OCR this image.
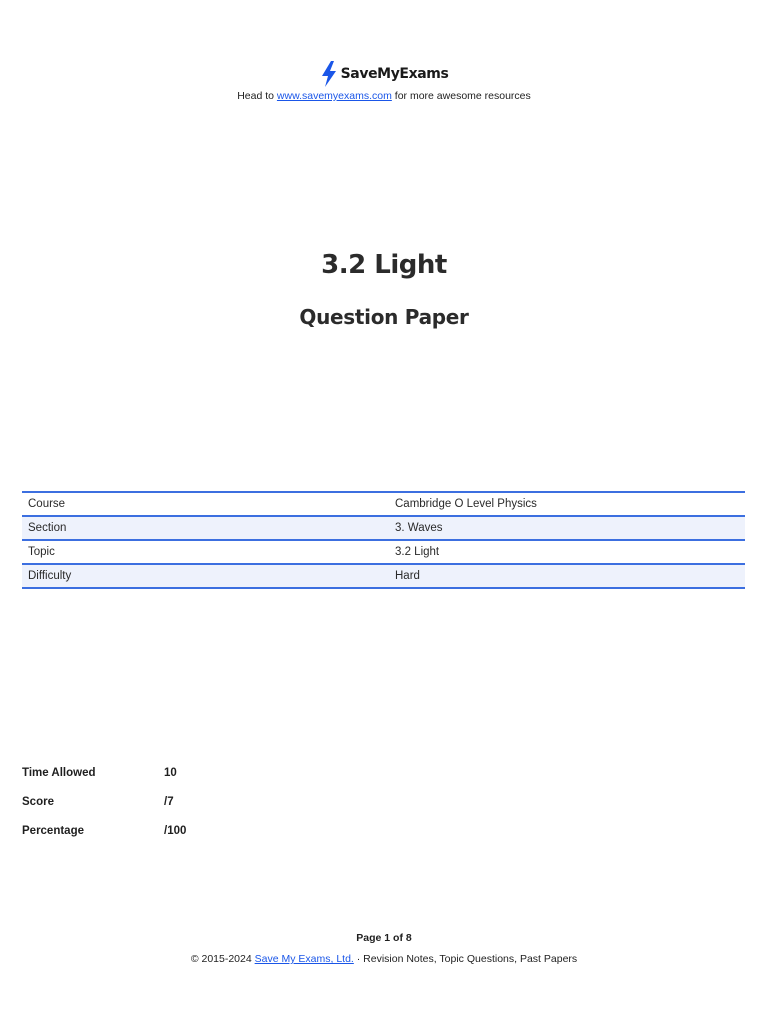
SaveMyExams
Head to www.savemyexams.com for more awesome resources
3.2 Light
Question Paper
Course	Cambridge O Level Physics
Section	3. Waves
Topic	3.2 Light
Difficulty	Hard
Time Allowed	10
Score	/7
Percentage	/100
Page 1 of 8
© 2015-2024 Save My Exams, Ltd. · Revision Notes, Topic Questions, Past Papers
